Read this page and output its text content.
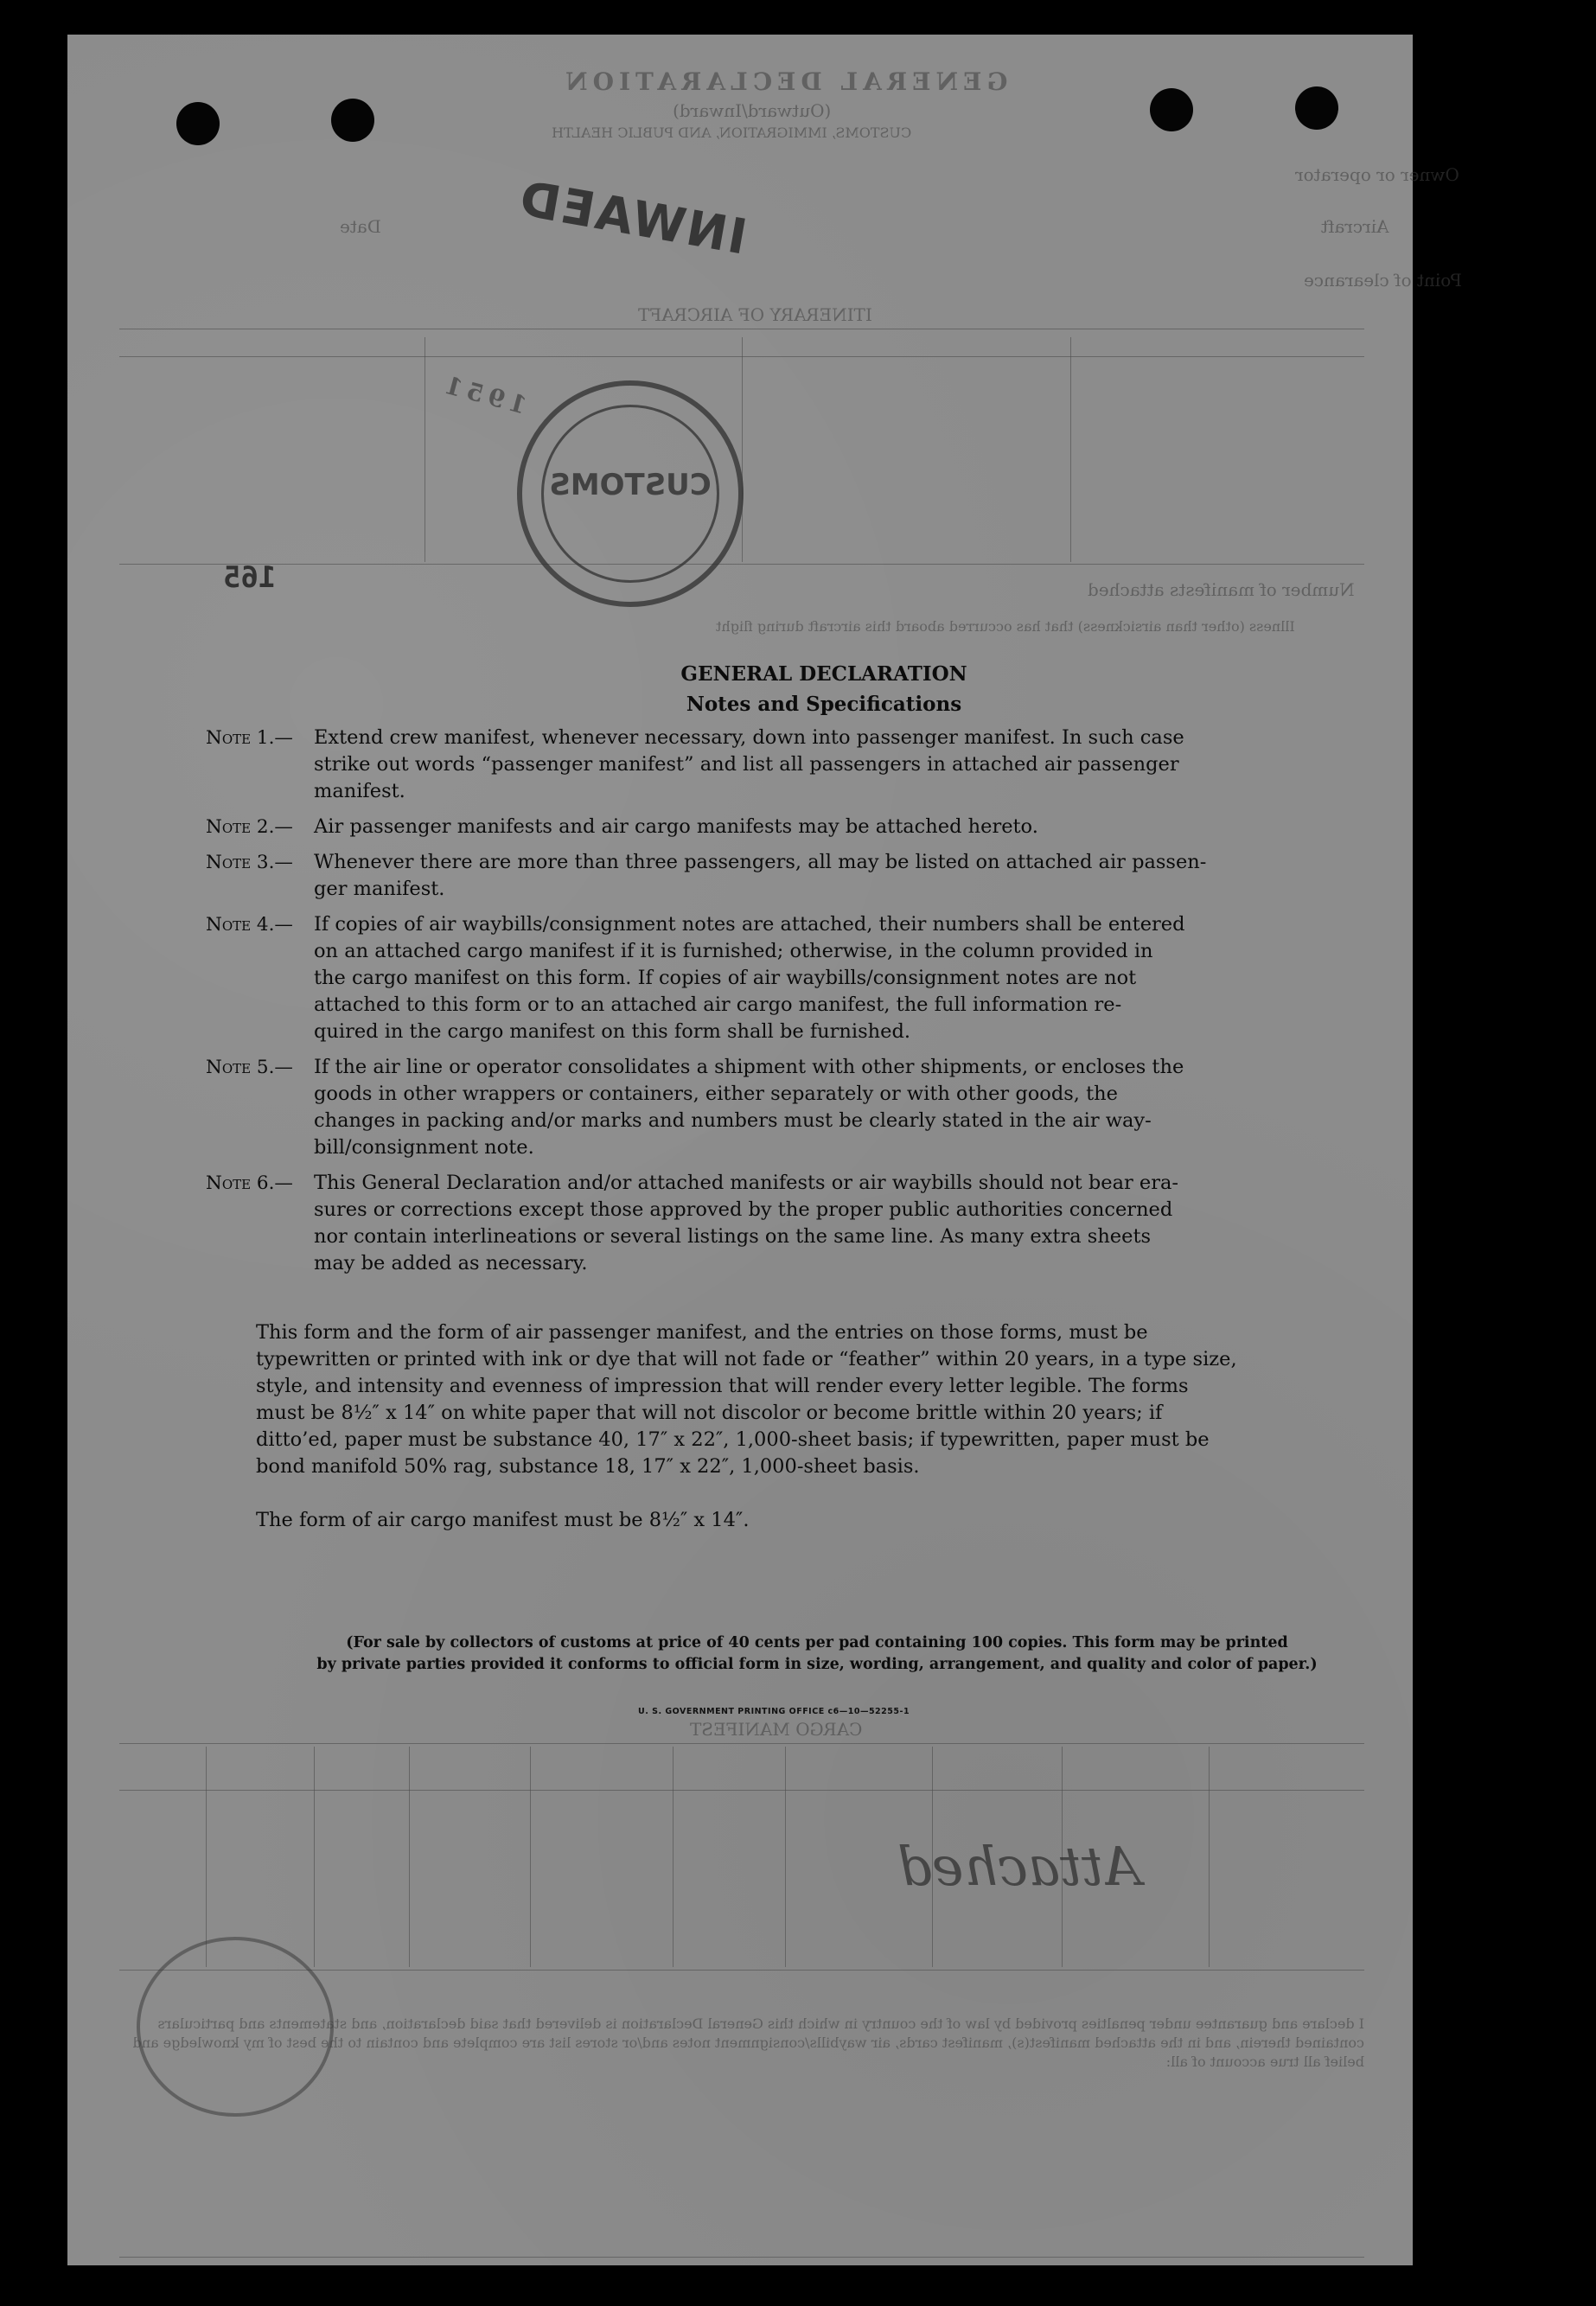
GENERAL DECLARATION
(Outward/Inward)
CUSTOMS, IMMIGRATION, AND PUBLIC HEALTH
Owner or operator
Aircraft
Date
Point of clearance
ITINERARY OF AIRCRAFT
INWAED
CUSTOMS
1951
165	Number of manifests attached
Illness (other than airsickness) that has occurred aboard this aircraft during flight
CARGO MANIFEST
Attached
I declare and guarantee under penalties provided by law of the country in which this General Declaration is delivered that said declaration, and statements and particulars contained therein, and in the attached manifest(s), manifest cards, air waybills/consignment notes and/or stores list are complete and contain to the best of my knowledge and belief all true account of all:
GENERAL DECLARATION
Notes and Specifications
Note 1.—	Extend crew manifest, whenever necessary, down into passenger manifest. In such case
strike out words “passenger manifest” and list all passengers in attached air passenger
manifest.
Note 2.—	Air passenger manifests and air cargo manifests may be attached hereto.
Note 3.—	Whenever there are more than three passengers, all may be listed on attached air passen-
ger manifest.
Note 4.—	If copies of air waybills/consignment notes are attached, their numbers shall be entered
on an attached cargo manifest if it is furnished; otherwise, in the column provided in
the cargo manifest on this form. If copies of air waybills/consignment notes are not
attached to this form or to an attached air cargo manifest, the full information re-
quired in the cargo manifest on this form shall be furnished.
Note 5.—	If the air line or operator consolidates a shipment with other shipments, or encloses the
goods in other wrappers or containers, either separately or with other goods, the
changes in packing and/or marks and numbers must be clearly stated in the air way-
bill/consignment note.
Note 6.—	This General Declaration and/or attached manifests or air waybills should not bear era-
sures or corrections except those approved by the proper public authorities concerned
nor contain interlineations or several listings on the same line. As many extra sheets
may be added as necessary.

This form and the form of air passenger manifest, and the entries on those forms, must be
typewritten or printed with ink or dye that will not fade or “feather” within 20 years, in a type size,
style, and intensity and evenness of impression that will render every letter legible. The forms
must be 8½″ x 14″ on white paper that will not discolor or become brittle within 20 years; if
ditto’ed, paper must be substance 40, 17″ x 22″, 1,000-sheet basis; if typewritten, paper must be
bond manifold 50% rag, substance 18, 17″ x 22″, 1,000-sheet basis.

The form of air cargo manifest must be 8½″ x 14″.

(For sale by collectors of customs at price of 40 cents per pad containing 100 copies. This form may be printed
by private parties provided it conforms to official form in size, wording, arrangement, and quality and color of paper.)
U. S. GOVERNMENT PRINTING OFFICE c6—10—52255-1
